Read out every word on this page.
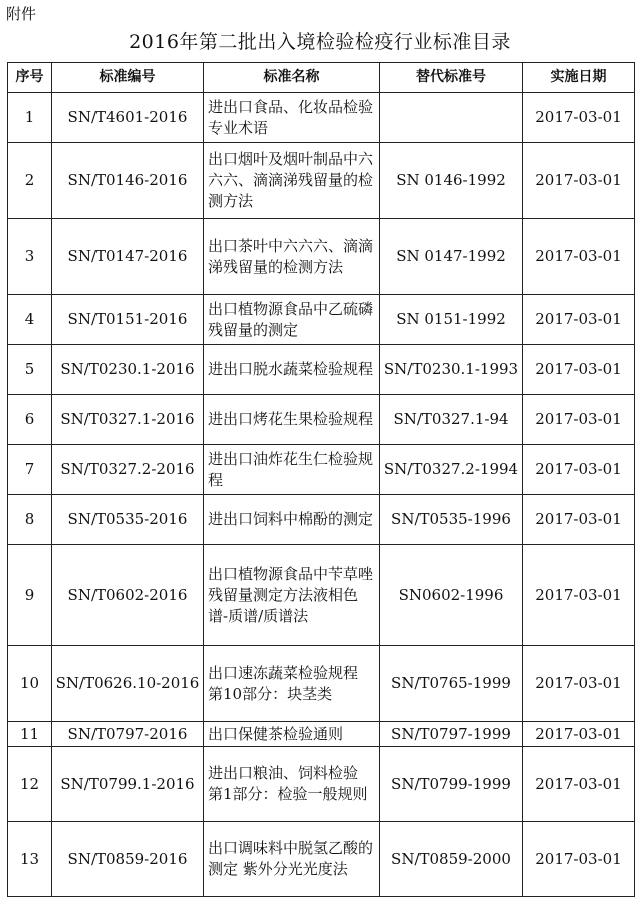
附件
2016年第二批出入境检验检疫行业标准目录
序号	标准编号	标准名称	替代标准号	实施日期
1	SN/T4601-2016	进出口食品、化妆品检验专业术语		2017-03-01
2	SN/T0146-2016	出口烟叶及烟叶制品中六六六、滴滴涕残留量的检测方法	SN 0146-1992	2017-03-01
3	SN/T0147-2016	出口茶叶中六六六、滴滴涕残留量的检测方法	SN 0147-1992	2017-03-01
4	SN/T0151-2016	出口植物源食品中乙硫磷残留量的测定	SN 0151-1992	2017-03-01
5	SN/T0230.1-2016	进出口脱水蔬菜检验规程	SN/T0230.1-1993	2017-03-01
6	SN/T0327.1-2016	进出口烤花生果检验规程	SN/T0327.1-94	2017-03-01
7	SN/T0327.2-2016	进出口油炸花生仁检验规程	SN/T0327.2-1994	2017-03-01
8	SN/T0535-2016	进出口饲料中棉酚的测定	SN/T0535-1996	2017-03-01
9	SN/T0602-2016	出口植物源食品中苄草唑残留量测定方法液相色谱-质谱/质谱法	SN0602-1996	2017-03-01
10	SN/T0626.10-2016	出口速冻蔬菜检验规程 第10部分：块茎类	SN/T0765-1999	2017-03-01
11	SN/T0797-2016	出口保健茶检验通则	SN/T0797-1999	2017-03-01
12	SN/T0799.1-2016	进出口粮油、饲料检验 第1部分：检验一般规则	SN/T0799-1999	2017-03-01
13	SN/T0859-2016	出口调味料中脱氢乙酸的测定 紫外分光光度法	SN/T0859-2000	2017-03-01
